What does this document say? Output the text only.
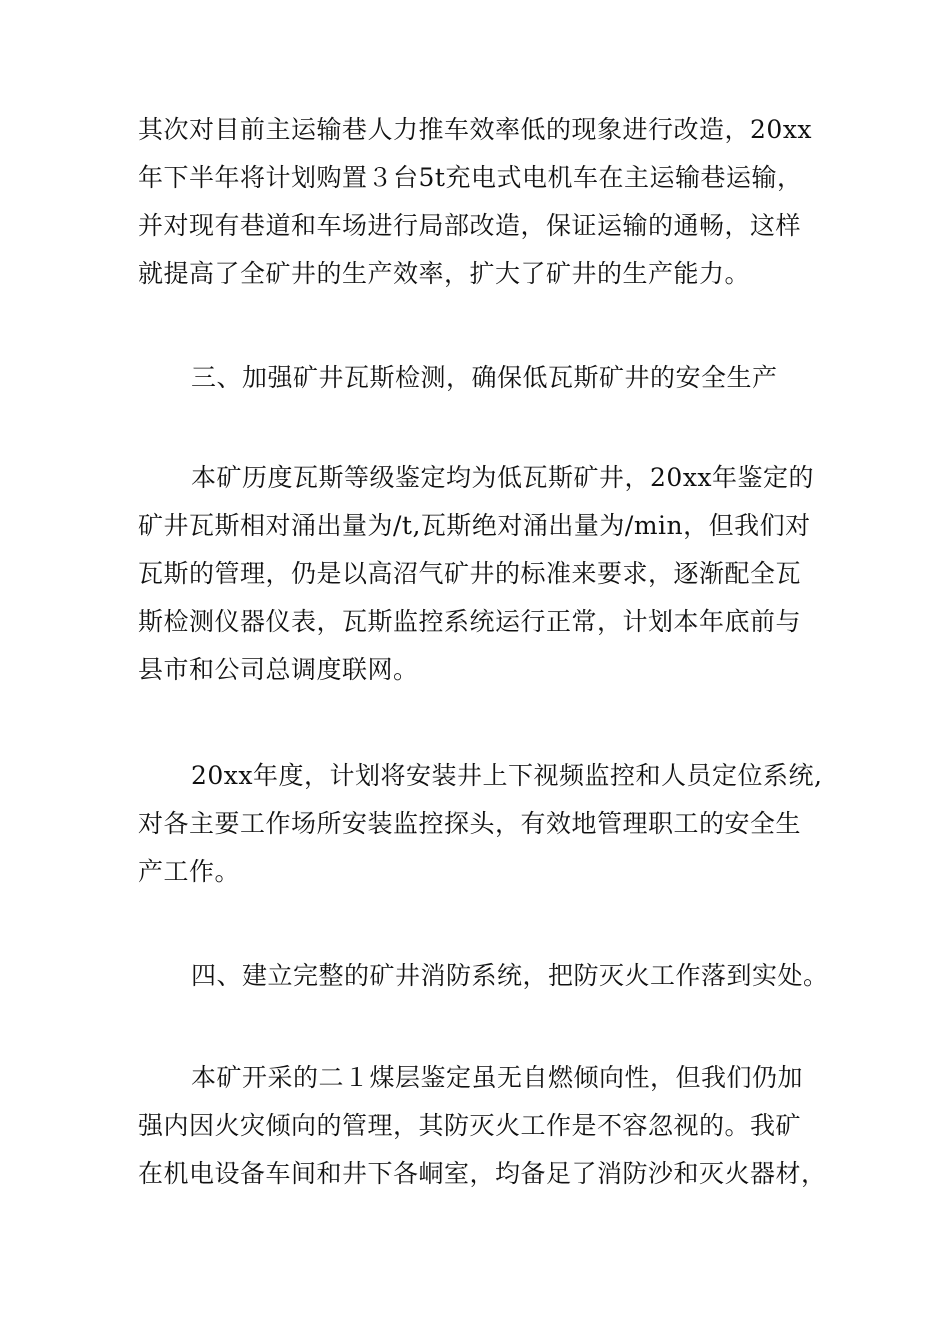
其次对目前主运输巷人力推车效率低的现象进行改造，20xx
年下半年将计划购置３台5t充电式电机车在主运输巷运输，
并对现有巷道和车场进行局部改造，保证运输的通畅，这样
就提高了全矿井的生产效率，扩大了矿井的生产能力。
三、加强矿井瓦斯检测，确保低瓦斯矿井的安全生产
本矿历度瓦斯等级鉴定均为低瓦斯矿井，20xx年鉴定的
矿井瓦斯相对涌出量为/t,瓦斯绝对涌出量为/min，但我们对
瓦斯的管理，仍是以高沼气矿井的标准来要求，逐渐配全瓦
斯检测仪器仪表，瓦斯监控系统运行正常，计划本年底前与
县市和公司总调度联网。
20xx年度，计划将安装井上下视频监控和人员定位系统,
对各主要工作场所安装监控探头，有效地管理职工的安全生
产工作。
四、建立完整的矿井消防系统，把防灭火工作落到实处。
本矿开采的二１煤层鉴定虽无自燃倾向性，但我们仍加
强内因火灾倾向的管理，其防灭火工作是不容忽视的。我矿
在机电设备车间和井下各峒室，均备足了消防沙和灭火器材，
